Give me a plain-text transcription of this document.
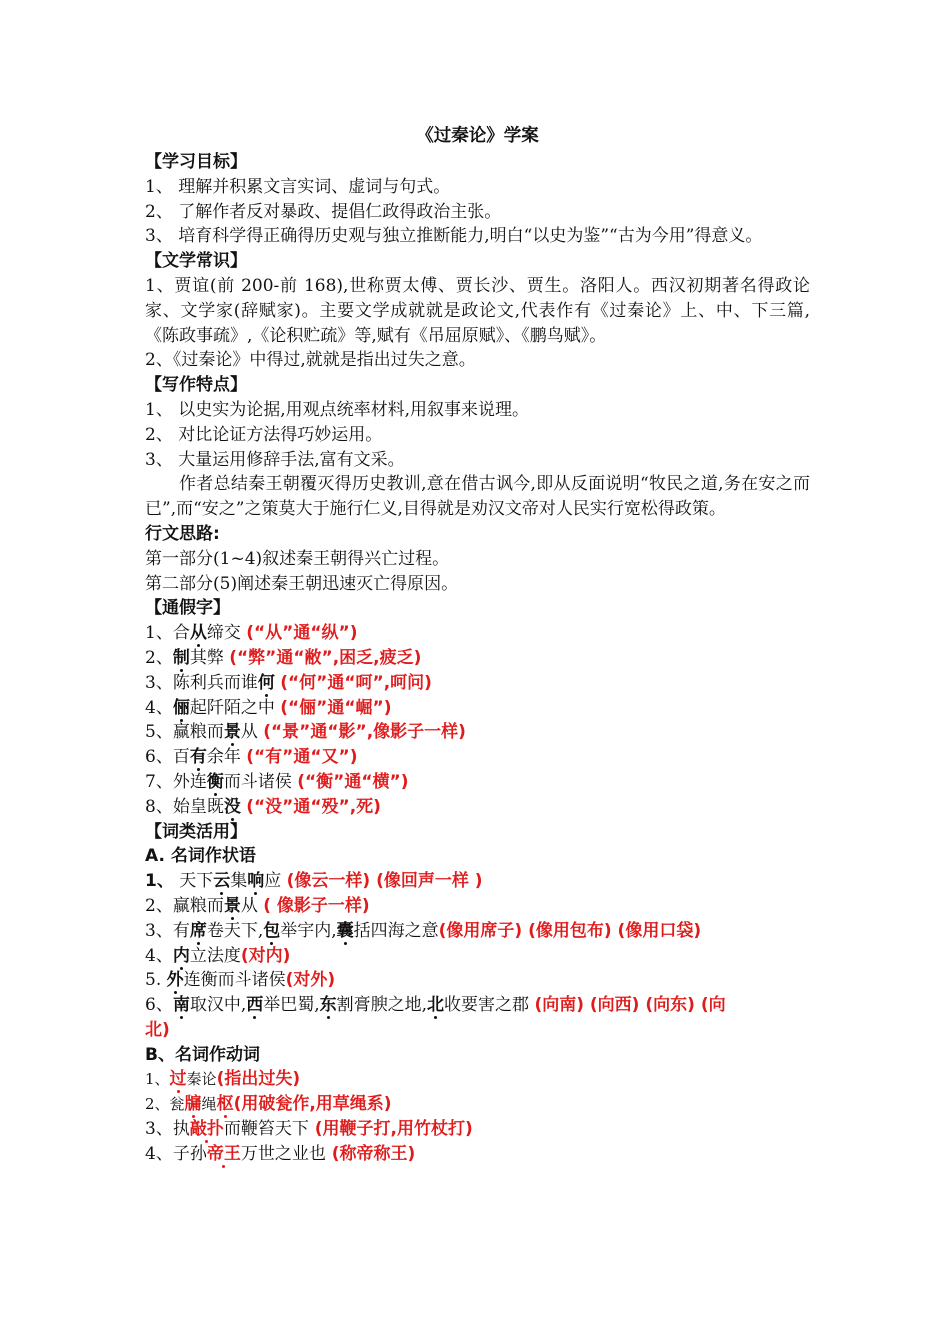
《过秦论》学案
【学习目标】
1、 理解并积累文言实词、虚词与句式。
2、 了解作者反对暴政、提倡仁政得政治主张。
3、 培育科学得正确得历史观与独立推断能力,明白“以史为鉴”“古为今用”得意义。
【文学常识】
1、贾谊(前 200-前 168),世称贾太傅、贾长沙、贾生。洛阳人。西汉初期著名得政论家、文学家(辞赋家)。主要文学成就就是政论文,代表作有《过秦论》上、中、下三篇,《陈政事疏》,《论积贮疏》等,赋有《吊屈原赋》、《鹏鸟赋》。
2、《过秦论》中得过,就就是指出过失之意。
【写作特点】
1、 以史实为论据,用观点统率材料,用叙事来说理。
2、 对比论证方法得巧妙运用。
3、 大量运用修辞手法,富有文采。
作者总结秦王朝覆灭得历史教训,意在借古讽今,即从反面说明“牧民之道,务在安之而已”,而“安之”之策莫大于施行仁义,目得就是劝汉文帝对人民实行宽松得政策。
行文思路:
第一部分(1~4)叙述秦王朝得兴亡过程。
第二部分(5)阐述秦王朝迅速灭亡得原因。
【通假字】
1、合从缔交 (“从”通“纵”)
2、制其弊 (“弊”通“敝”,困乏,疲乏)
3、陈利兵而谁何 (“何”通“呵”,呵问)
4、俪起阡陌之中 (“俪”通“崛”)
5、赢粮而景从 (“景”通“影”,像影子一样)
6、百有余年 (“有”通“又”)
7、外连衡而斗诸侯 (“衡”通“横”)
8、始皇既没 (“没”通“殁”,死)
【词类活用】
A. 名词作状语
1、 天下云集响应 (像云一样) (像回声一样 )
2、赢粮而景从 ( 像影子一样)
3、有席卷天下,包举宇内,囊括四海之意(像用席子) (像用包布) (像用口袋)
4、内立法度(对内)
5. 外连衡而斗诸侯(对外)
6、南取汉中,西举巴蜀,东割膏腴之地,北收要害之郡 (向南) (向西) (向东) (向
北)
B、名词作动词
1、过秦论(指出过失)
2、瓮牖绳枢(用破瓮作,用草绳系)
3、执敲扑而鞭笞天下 (用鞭子打,用竹杖打)
4、子孙帝王万世之业也 (称帝称王)
